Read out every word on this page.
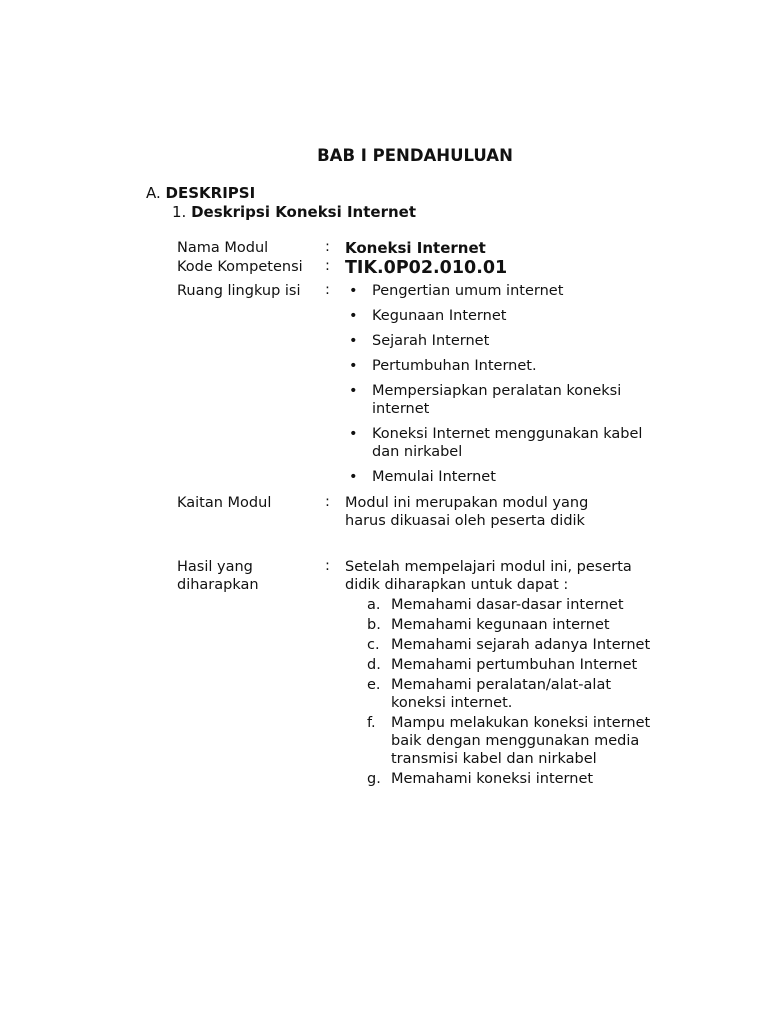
BAB I PENDAHULUAN
A. DESKRIPSI
1. Deskripsi Koneksi Internet
Nama Modul	: Koneksi Internet
Kode Kompetensi : TIK.0P02.010.01
Ruang lingkup isi : • Pengertian umum internet
• Kegunaan Internet
• Sejarah Internet
• Pertumbuhan Internet.
• Mempersiapkan peralatan koneksi internet
• Koneksi Internet menggunakan kabel dan nirkabel
• Memulai Internet
Kaitan Modul	: Modul ini merupakan modul yang harus dikuasai oleh peserta didik
Hasil yang
diharapkan
: Setelah mempelajari modul ini, peserta didik diharapkan untuk dapat :
a. Memahami dasar-dasar internet
b. Memahami kegunaan internet
c. Memahami sejarah adanya Internet
d. Memahami pertumbuhan Internet
e. Memahami peralatan/alat-alat koneksi internet.
f. Mampu melakukan koneksi internet baik dengan menggunakan media transmisi kabel dan nirkabel
g. Memahami koneksi internet
